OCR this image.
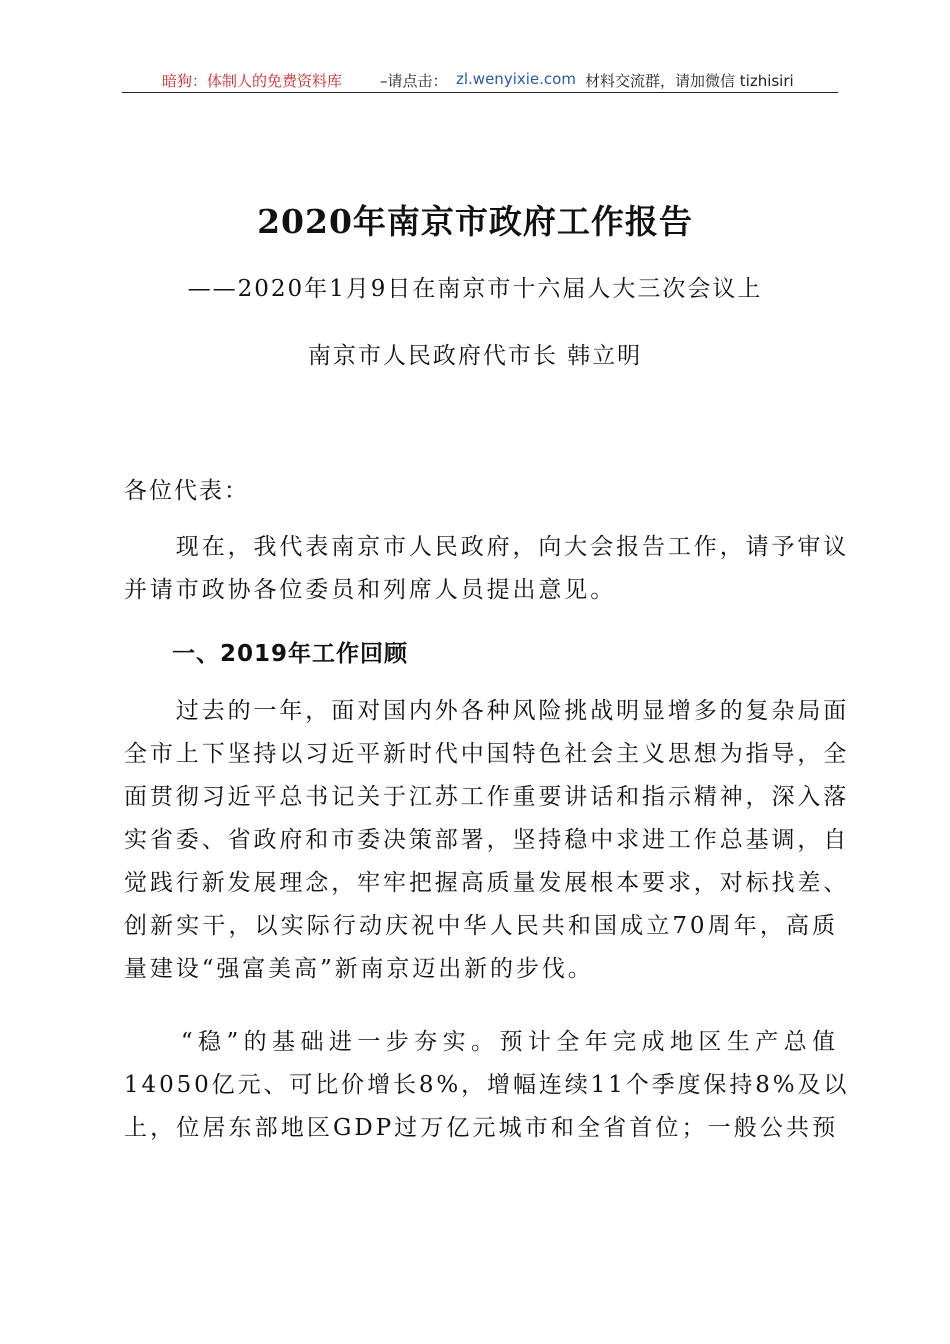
暗狗：体制人的免费资料库	–请点击： zl.wenyixie.com 材料交流群，请加微信 tizhisiri
2020年南京市政府工作报告
——2020年1月9日在南京市十六届人大三次会议上
南京市人民政府代市长 韩立明
各位代表：
　　现在，我代表南京市人民政府，向大会报告工作，请予审议
并请市政协各位委员和列席人员提出意见。
一、2019年工作回顾
　　过去的一年，面对国内外各种风险挑战明显增多的复杂局面
全市上下坚持以习近平新时代中国特色社会主义思想为指导，全
面贯彻习近平总书记关于江苏工作重要讲话和指示精神，深入落
实省委、省政府和市委决策部署，坚持稳中求进工作总基调，自
觉践行新发展理念，牢牢把握高质量发展根本要求，对标找差、
创新实干，以实际行动庆祝中华人民共和国成立70周年，高质
量建设“强富美高”新南京迈出新的步伐。
　　“稳”的基础进一步夯实。预计全年完成地区生产总值
14050亿元、可比价增长8%，增幅连续11个季度保持8%及以
上，位居东部地区GDP过万亿元城市和全省首位；一般公共预
